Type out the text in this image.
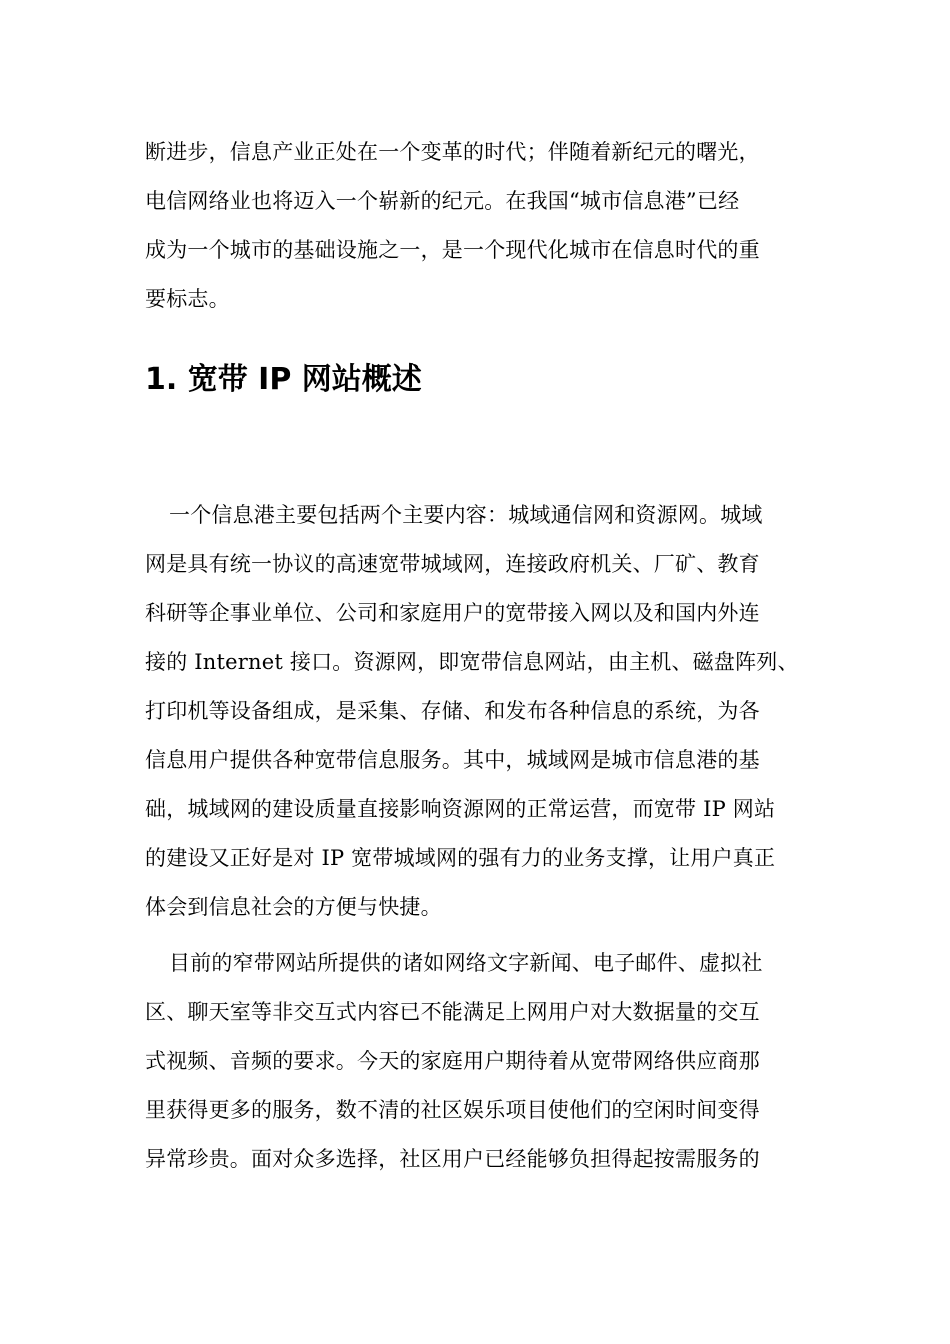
断进步，信息产业正处在一个变革的时代；伴随着新纪元的曙光，
电信网络业也将迈入一个崭新的纪元。在我国“城市信息港”已经
成为一个城市的基础设施之一，是一个现代化城市在信息时代的重
要标志。
1. 宽带 IP 网站概述
一个信息港主要包括两个主要内容：城域通信网和资源网。城域
网是具有统一协议的高速宽带城域网，连接政府机关、厂矿、教育
科研等企事业单位、公司和家庭用户的宽带接入网以及和国内外连
接的 Internet 接口。资源网，即宽带信息网站，由主机、磁盘阵列、
打印机等设备组成，是采集、存储、和发布各种信息的系统，为各
信息用户提供各种宽带信息服务。其中，城域网是城市信息港的基
础，城域网的建设质量直接影响资源网的正常运营，而宽带 IP 网站
的建设又正好是对 IP 宽带城域网的强有力的业务支撑，让用户真正
体会到信息社会的方便与快捷。
目前的窄带网站所提供的诸如网络文字新闻、电子邮件、虚拟社
区、聊天室等非交互式内容已不能满足上网用户对大数据量的交互
式视频、音频的要求。今天的家庭用户期待着从宽带网络供应商那
里获得更多的服务，数不清的社区娱乐项目使他们的空闲时间变得
异常珍贵。面对众多选择，社区用户已经能够负担得起按需服务的
